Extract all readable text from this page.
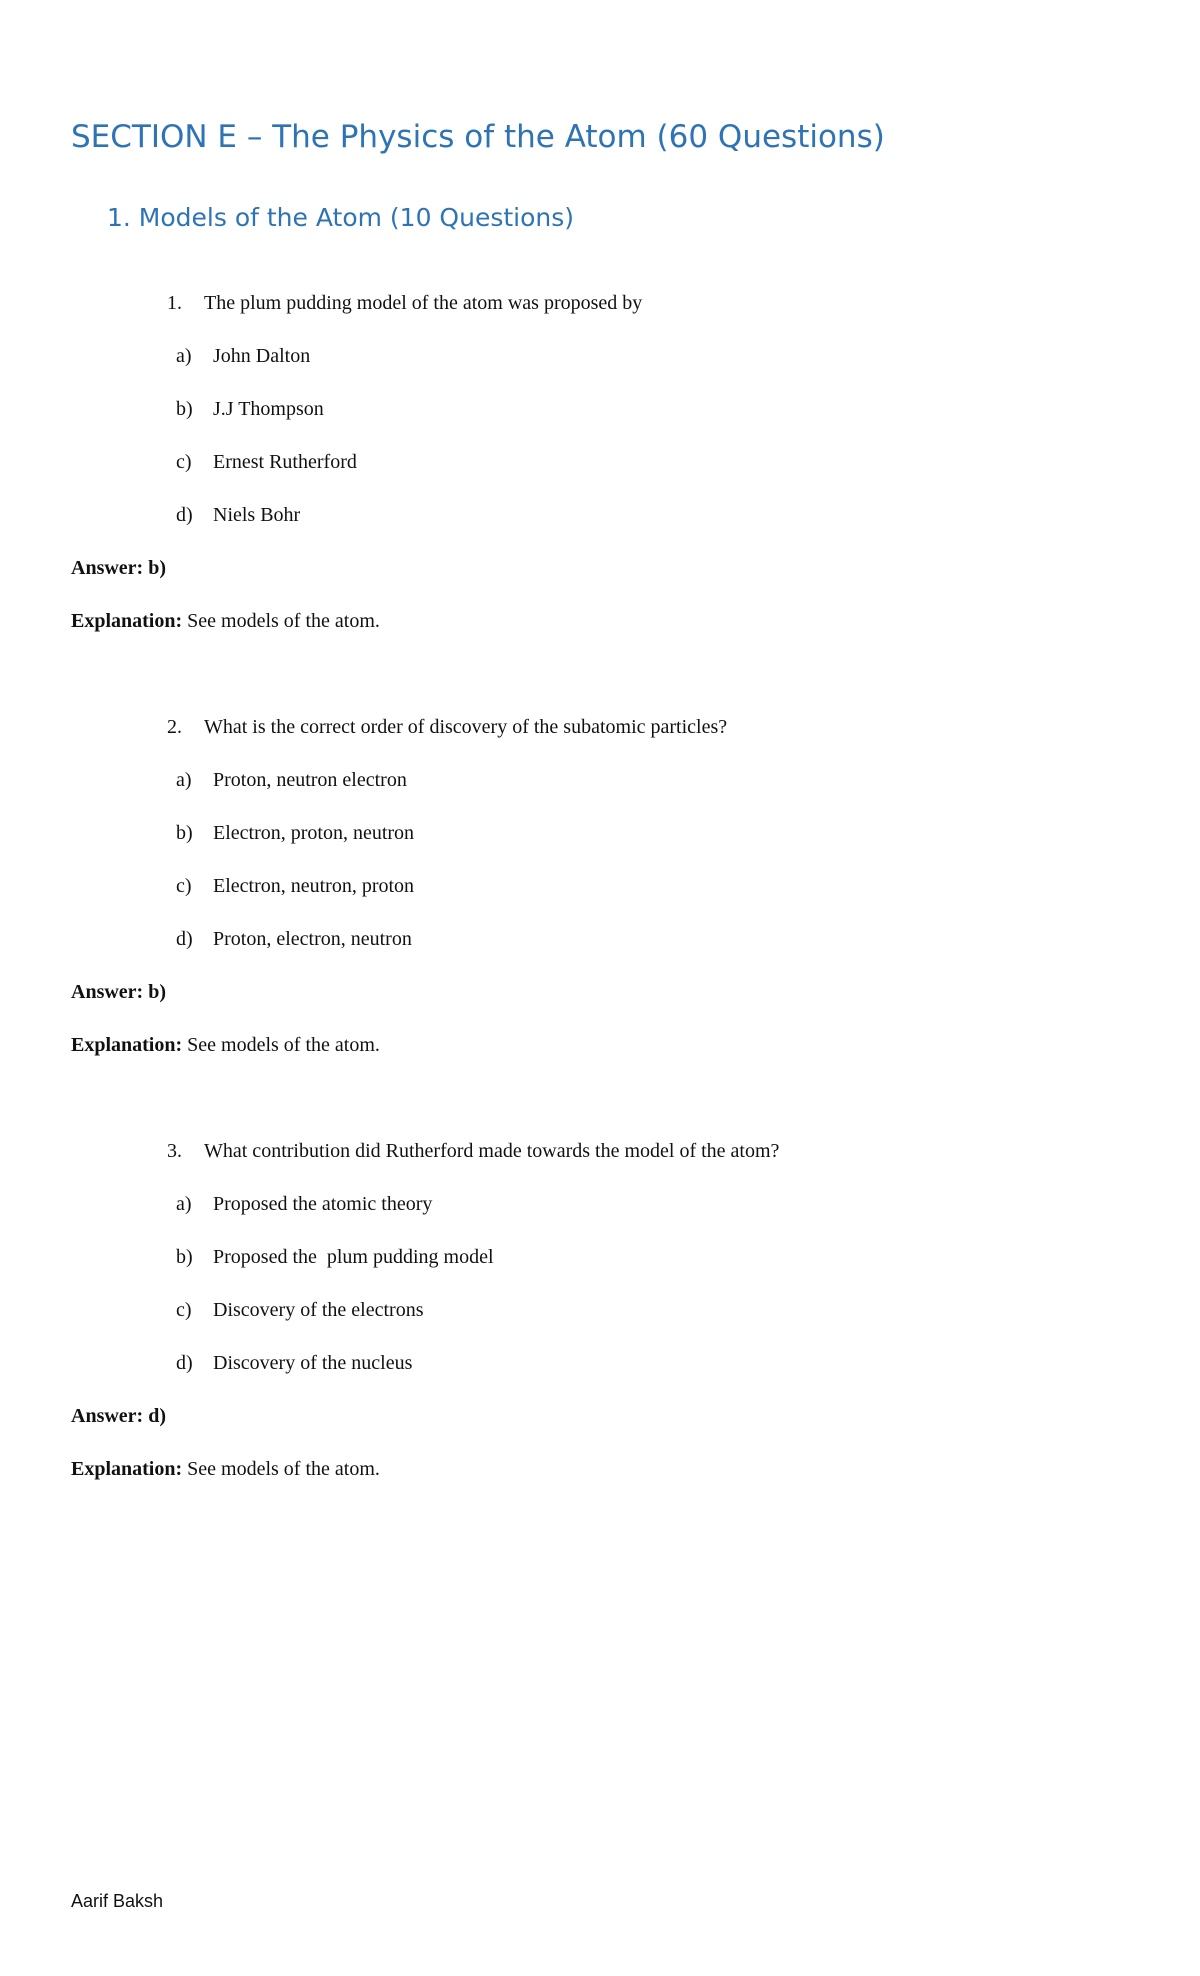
SECTION E – The Physics of the Atom (60 Questions)
1. Models of the Atom (10 Questions)
1. The plum pudding model of the atom was proposed by
a) John Dalton
b) J.J Thompson
c) Ernest Rutherford
d) Niels Bohr
Answer: b)
Explanation: See models of the atom.
2. What is the correct order of discovery of the subatomic particles?
a) Proton, neutron electron
b) Electron, proton, neutron
c) Electron, neutron, proton
d) Proton, electron, neutron
Answer: b)
Explanation: See models of the atom.
3. What contribution did Rutherford made towards the model of the atom?
a) Proposed the atomic theory
b) Proposed the  plum pudding model
c) Discovery of the electrons
d) Discovery of the nucleus
Answer: d)
Explanation: See models of the atom.
Aarif Baksh
